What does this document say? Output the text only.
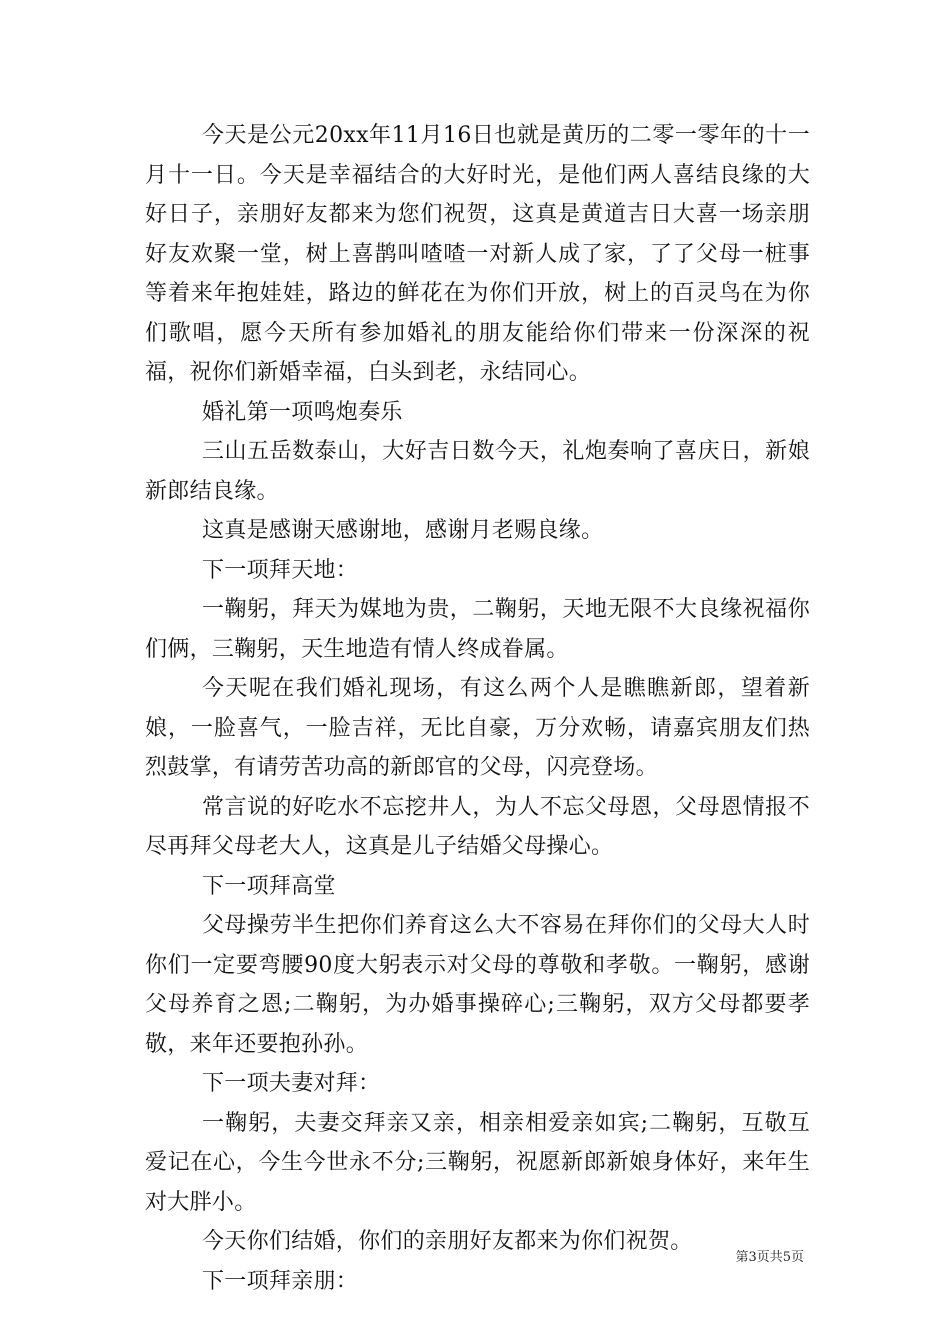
今天是公元20xx年11月16日也就是黄历的二零一零年的十一月十一日。今天是幸福结合的大好时光，是他们两人喜结良缘的大好日子，亲朋好友都来为您们祝贺，这真是黄道吉日大喜一场亲朋好友欢聚一堂，树上喜鹊叫喳喳一对新人成了家，了了父母一桩事等着来年抱娃娃，路边的鲜花在为你们开放，树上的百灵鸟在为你们歌唱，愿今天所有参加婚礼的朋友能给你们带来一份深深的祝福，祝你们新婚幸福，白头到老，永结同心。

婚礼第一项鸣炮奏乐

三山五岳数泰山，大好吉日数今天，礼炮奏响了喜庆日，新娘新郎结良缘。

这真是感谢天感谢地，感谢月老赐良缘。

下一项拜天地：

一鞠躬，拜天为媒地为贵，二鞠躬，天地无限不大良缘祝福你们俩，三鞠躬，天生地造有情人终成眷属。

今天呢在我们婚礼现场，有这么两个人是瞧瞧新郎，望着新娘，一脸喜气，一脸吉祥，无比自豪，万分欢畅，请嘉宾朋友们热烈鼓掌，有请劳苦功高的新郎官的父母，闪亮登场。

常言说的好吃水不忘挖井人，为人不忘父母恩，父母恩情报不尽再拜父母老大人，这真是儿子结婚父母操心。

下一项拜高堂

父母操劳半生把你们养育这么大不容易在拜你们的父母大人时你们一定要弯腰90度大躬表示对父母的尊敬和孝敬。一鞠躬，感谢父母养育之恩;二鞠躬，为办婚事操碎心;三鞠躬，双方父母都要孝敬，来年还要抱孙孙。

下一项夫妻对拜：

一鞠躬，夫妻交拜亲又亲，相亲相爱亲如宾;二鞠躬，互敬互爱记在心，今生今世永不分;三鞠躬，祝愿新郎新娘身体好，来年生对大胖小。

今天你们结婚，你们的亲朋好友都来为你们祝贺。

下一项拜亲朋：

第3页共5页
